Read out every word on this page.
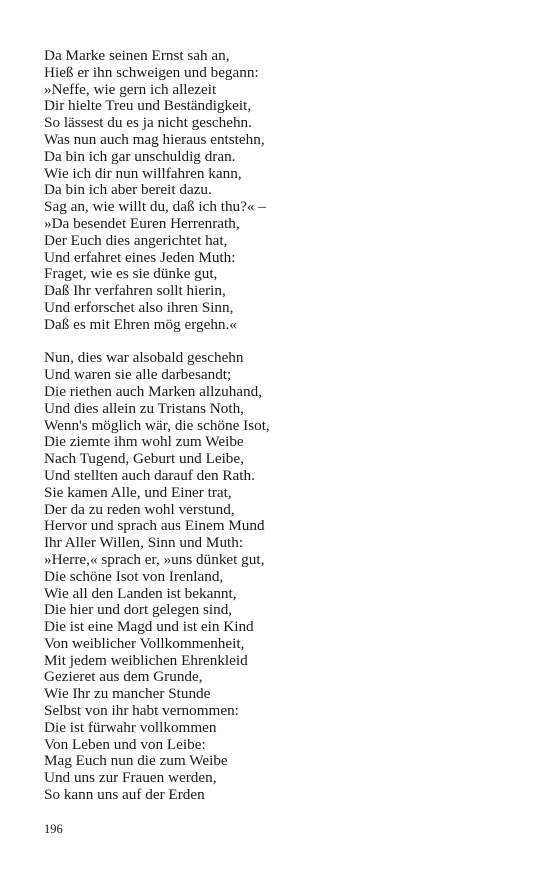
Da Marke seinen Ernst sah an,
Hieß er ihn schweigen und begann:
»Neffe, wie gern ich allezeit
Dir hielte Treu und Beständigkeit,
So lässest du es ja nicht geschehn.
Was nun auch mag hieraus entstehn,
Da bin ich gar unschuldig dran.
Wie ich dir nun willfahren kann,
Da bin ich aber bereit dazu.
Sag an, wie willt du, daß ich thu?« –
»Da besendet Euren Herrenrath,
Der Euch dies angerichtet hat,
Und erfahret eines Jeden Muth:
Fraget, wie es sie dünke gut,
Daß Ihr verfahren sollt hierin,
Und erforschet also ihren Sinn,
Daß es mit Ehren mög ergehn.«
Nun, dies war alsobald geschehn
Und waren sie alle darbesandt;
Die riethen auch Marken allzuhand,
Und dies allein zu Tristans Noth,
Wenn's möglich wär, die schöne Isot,
Die ziemte ihm wohl zum Weibe
Nach Tugend, Geburt und Leibe,
Und stellten auch darauf den Rath.
Sie kamen Alle, und Einer trat,
Der da zu reden wohl verstund,
Hervor und sprach aus Einem Mund
Ihr Aller Willen, Sinn und Muth:
»Herre,« sprach er, »uns dünket gut,
Die schöne Isot von Irenland,
Wie all den Landen ist bekannt,
Die hier und dort gelegen sind,
Die ist eine Magd und ist ein Kind
Von weiblicher Vollkommenheit,
Mit jedem weiblichen Ehrenkleid
Gezieret aus dem Grunde,
Wie Ihr zu mancher Stunde
Selbst von ihr habt vernommen:
Die ist fürwahr vollkommen
Von Leben und von Leibe:
Mag Euch nun die zum Weibe
Und uns zur Frauen werden,
So kann uns auf der Erden
196
